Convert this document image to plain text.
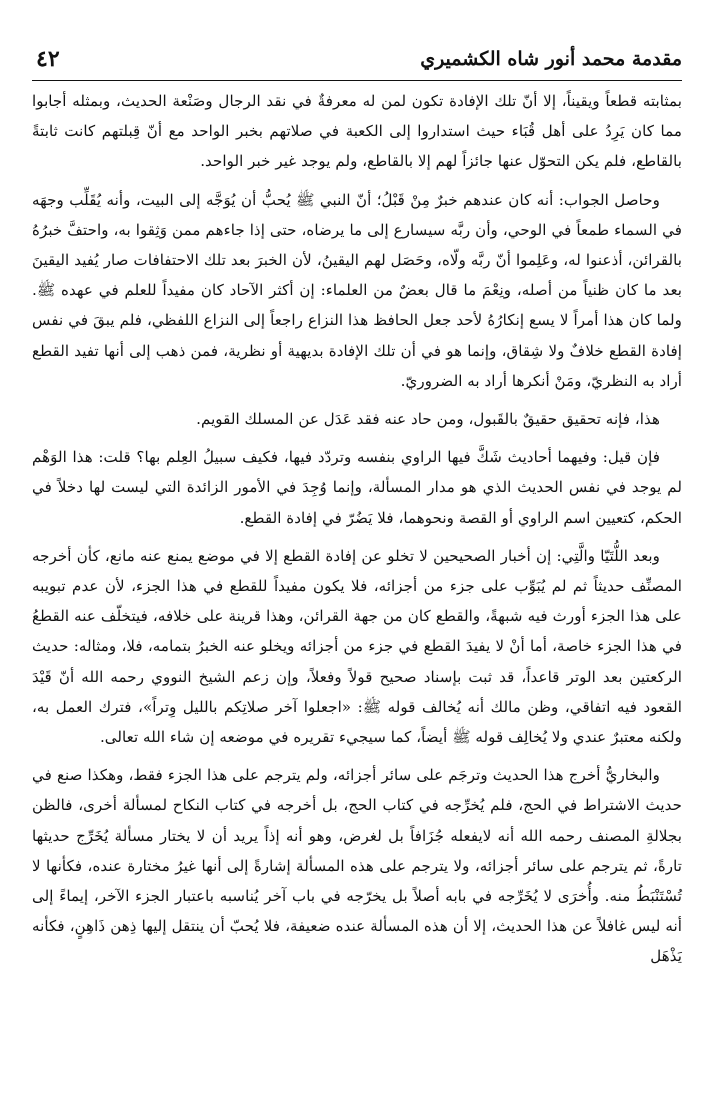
مقدمة محمد أنور شاه الكشميري
٤٢

بمثابته قطعاً ويقيناً، إلا أنّ تلك الإفادة تكون لمن له معرفةٌ في نقد الرجال وصَنْعة الحديث، وبمثله أجابوا مما كان يَرِدُ على أهل قُبَاء حيث استداروا إلى الكعبة في صلاتهم بخبر الواحد مع أنّ قِبلتهم كانت ثابتةً بالقاطع، فلم يكن التحوّل عنها جائزاً لهم إلا بالقاطع، ولم يوجد غير خبر الواحد.

وحاصل الجواب: أنه كان عندهم خبرٌ مِنْ قَبْلُ؛ أنّ النبي ﷺ يُحبُّ أن يُوَجَّه إلى البيت، وأنه يُقَلِّب وجهَه في السماء طمعاً في الوحي، وأن ربَّه سيسارع إلى ما يرضاه، حتى إذا جاءهم ممن وَثِقوا به، واحتفَّ خبرُهُ بالقرائن، أذعنوا له، وعَلِموا أنّ ربَّه ولّاه، وحَصَل لهم اليقينُ، لأن الخبرَ بعد تلك الاحتفافات صار يُفيد اليقينَ بعد ما كان ظنياً من أصله، ونِعْمَ ما قال بعضٌ من العلماء: إن أكثر الآحاد كان مفيداً للعلم في عهده ﷺ. ولما كان هذا أمراً لا يسع إنكارُهُ لأحد جعل الحافظ هذا النزاع راجعاً إلى النزاع اللفظي، فلم يبقَ في نفس إفادة القطع خلافٌ ولا شِقاق، وإنما هو في أن تلك الإفادة بديهية أو نظرية، فمن ذهب إلى أنها تفيد القطع أراد به النظريّ، ومَنْ أنكرها أراد به الضروريّ.

هذا، فإنه تحقيق حقيقٌ بالقَبول، ومن حاد عنه فقد عَدَل عن المسلك القويم.

فإن قيل: وفيهما أحاديث شَكَّ فيها الراوي بنفسه وتردّد فيها، فكيف سبيلُ العِلم بها؟ قلت: هذا الوَهْم لم يوجد في نفس الحديث الذي هو مدار المسألة، وإنما وُجِدَ في الأمور الزائدة التي ليست لها دخلاً في الحكم، كتعيين اسم الراوي أو القصة ونحوهما، فلا يَضُرّ في إفادة القطع.

وبعد اللُّتَيّا والَّتِي: إن أخبار الصحيحين لا تخلو عن إفادة القطع إلا في موضع يمنع عنه مانع، كأن أخرجه المصنِّف حديثاً ثم لم يُبَوِّب على جزء من أجزائه، فلا يكون مفيداً للقطع في هذا الجزء، لأن عدم تبويبه على هذا الجزء أورث فيه شبهةً، والقطع كان من جهة القرائن، وهذا قرينة على خلافه، فيتخلّف عنه القطعُ في هذا الجزء خاصة، أما أنْ لا يفيدَ القطع في جزء من أجزائه ويخلو عنه الخبرُ بتمامه، فلا، ومثاله: حديث الركعتين بعد الوتر قاعداً، قد ثبت بإسناد صحيح قولاً وفعلاً، وإن زعم الشيخ النووي رحمه الله أنّ قَيْدَ القعود فيه اتفاقي، وظن مالك أنه يُخالف قوله ﷺ: «اجعلوا آخر صلاتِكم بالليل وِتراً»، فترك العمل به، ولكنه معتبرٌ عندي ولا يُخالِف قوله ﷺ أيضاً، كما سيجيء تقريره في موضعه إن شاء الله تعالى.

والبخاريُّ أخرج هذا الحديث وترجَم على سائر أجزائه، ولم يترجم على هذا الجزء فقط، وهكذا صنع في حديث الاشتراط في الحج، فلم يُخرِّجه في كتاب الحج، بل أخرجه في كتاب النكاح لمسألة أخرى، فالظن بجلالةِ المصنف رحمه الله أنه لايفعله جُزَافاً بل لغرض، وهو أنه إذاً يريد أن لا يختار مسألة يُخَرِّج حديثها تارةً، ثم يترجم على سائر أجزائه، ولا يترجم على هذه المسألة إشارةً إلى أنها غيرُ مختارة عنده، فكأنها لا تُسْتَنْبَطُ منه. وأُخرَى لا يُخَرِّجه في بابه أصلاً بل يخرّجه في باب آخر يُناسبه باعتبار الجزء الآخر، إيماءً إلى أنه ليس غافلاً عن هذا الحديث، إلا أن هذه المسألة عنده ضعيفة، فلا يُحبّ أن ينتقل إليها ذِهن ذَاهِنٍ، فكأنه يَذْهَل
